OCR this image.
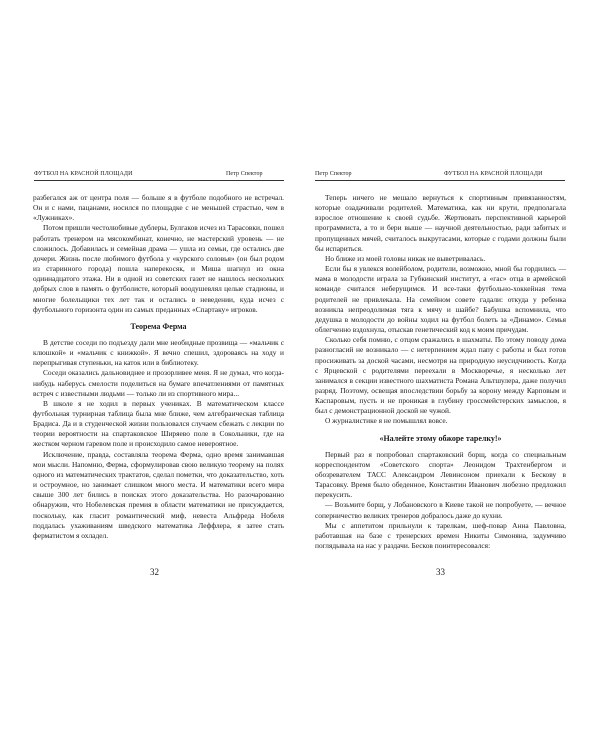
ФУТБОЛ НА КРАСНОЙ ПЛОЩАДИ	Петр Спектор

разбегался аж от центра поля — больше я в футболе подобного не встречал. Он и с нами, пацанами, носился по площадке с не меньшей страстью, чем в «Лужниках».

Потом пришли честолюбивые дублеры, Булгаков исчез из Тарасовки, пошел работать тренером на мясокомбинат, конечно, не мастерский уровень — не сложилось. Добавилась и семейная драма — ушла из семьи, где остались две дочери. Жизнь после любимого футбола у «курского соловья» (он был родом из старинного города) пошла наперекосяк, и Миша шагнул из окна одиннадцатого этажа. Ни в одной из советских газет не нашлось нескольких добрых слов в память о футболисте, который воодушевлял целые стадионы, и многие болельщики тех лет так и остались в неведении, куда исчез с футбольного горизонта один из самых преданных «Спартаку» игроков.

Теорема Ферма

В детстве соседи по подъезду дали мне необидные прозвища — «мальчик с клюшкой» и «мальчик с книжкой». Я вечно спешил, здороваясь на ходу и перепрыгивая ступеньки, на каток или в библиотеку.

Соседи оказались дальновиднее и прозорливее меня. Я не думал, что когда-нибудь наберусь смелости поделиться на бумаге впечатлениями от памятных встреч с известными людьми — только ли из спортивного мира...

В школе я не ходил в первых учениках. В математическом классе футбольная турнирная таблица была мне ближе, чем алгебраическая таблица Брадиса. Да и в студенческой жизни пользовался случаем сбежать с лекции по теории вероятности на спартаковское Ширяево поле в Сокольники, где на жестком черном гаревом поле и происходило самое невероятное.

Исключение, правда, составляла теорема Ферма, одно время занимавшая мои мысли. Напомню, Ферма, сформулировав свою великую теорему на полях одного из математических трактатов, сделал пометки, что доказательство, хоть и остроумное, но занимает слишком много места. И математики всего мира свыше 300 лет бились в поисках этого доказательства. Но разочарованно обнаружив, что Нобелевская премия в области математики не присуждается, поскольку, как гласит романтический миф, невеста Альфреда Нобеля поддалась ухаживаниям шведского математика Леффлера, я затее стать ферматистом я охладел.

32
Петр Спектор	ФУТБОЛ НА КРАСНОЙ ПЛОЩАДИ

Теперь ничего не мешало вернуться к спортивным привязанностям, которые озадачивали родителей. Математика, как ни крути, предполагала взрослое отношение к своей судьбе. Жертвовать перспективной карьерой программиста, а то и бери выше — научной деятельностью, ради забитых и пропущенных мячей, считалось выкрутасами, которые с годами должны были бы испариться.

Но ближе из моей головы никак не выветривалась.

Если бы я увлекся волейболом, родители, возможно, мной бы гордились — мама в молодости играла за Губкинский институт, а «гас» отца в армейской команде считался неберущимся. И все-таки футбольно-хоккейная тема родителей не привлекала. На семейном совете гадали: откуда у ребенка возникла непреодолимая тяга к мячу и шайбе? Бабушка вспомнила, что дедушка в молодости до войны ходил на футбол болеть за «Динамо». Семья облегченно вздохнула, отыскав генетический код к моим причудам.

Сколько себя помню, с отцом сражались в шахматы. По этому поводу дома разногласий не возникало — с нетерпением ждал папу с работы и был готов просиживать за доской часами, несмотря на природную неусидчивость. Когда с Ярцевской с родителями переехали в Москворечье, я несколько лет занимался в секции известного шахматиста Романа Альтшулера, даже получил разряд. Поэтому, освещая впоследствии борьбу за корону между Карповым и Каспаровым, пусть и не проникая в глубину гроссмейстерских замыслов, я был с демонстрационной доской не чужой.

О журналистике я не помышлял вовсе.

«Налейте этому обжоре тарелку!»

Первый раз я попробовал спартаковский борщ, когда со специальным корреспондентом «Советского спорта» Леонидом Трахтенбергом и обозревателем ТАСС Александром Левинсоном приехали к Бескову в Тарасовку. Время было обеденное, Константин Иванович любезно предложил перекусить.

— Возьмите борщ, у Лобановского в Киеве такой не попробуете, — вечное соперничество великих тренеров добралось даже до кухни.

Мы с аппетитом прильнули к тарелкам, шеф-повар Анна Павловна, работавшая на базе с тренерских времен Никиты Симоняна, задумчиво поглядывала на нас у раздачи. Бесков поинтересовался:

33
